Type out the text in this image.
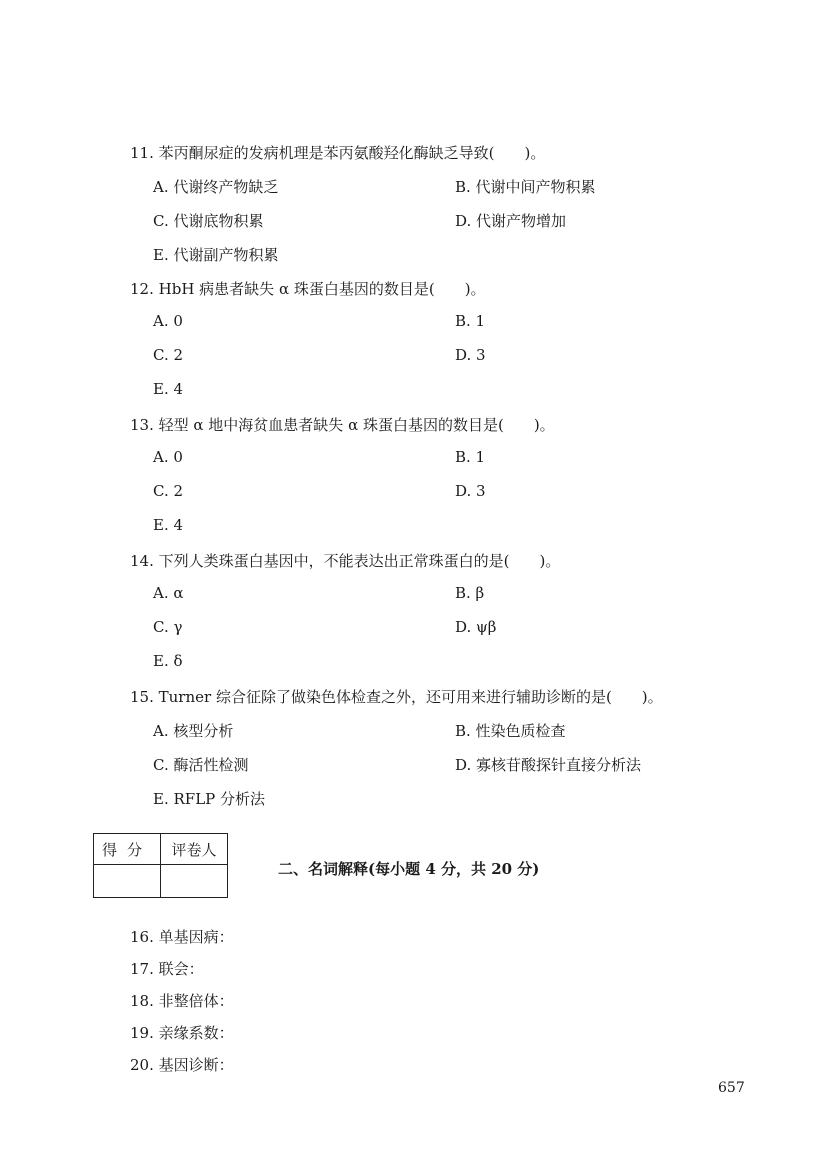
11. 苯丙酮尿症的发病机理是苯丙氨酸羟化酶缺乏导致(　　)。
A. 代谢终产物缺乏	B. 代谢中间产物积累
C. 代谢底物积累	D. 代谢产物增加
E. 代谢副产物积累
12. HbH 病患者缺失 α 珠蛋白基因的数目是(　　)。
A. 0	B. 1
C. 2	D. 3
E. 4
13. 轻型 α 地中海贫血患者缺失 α 珠蛋白基因的数目是(　　)。
A. 0	B. 1
C. 2	D. 3
E. 4
14. 下列人类珠蛋白基因中，不能表达出正常珠蛋白的是(　　)。
A. α	B. β
C. γ	D. ψβ
E. δ
15. Turner 综合征除了做染色体检查之外，还可用来进行辅助诊断的是(　　)。
A. 核型分析	B. 性染色质检查
C. 酶活性检测	D. 寡核苷酸探针直接分析法
E. RFLP 分析法
得分	评卷人

二、名词解释(每小题 4 分，共 20 分)
16. 单基因病：
17. 联会：
18. 非整倍体：
19. 亲缘系数：
20. 基因诊断：
657
